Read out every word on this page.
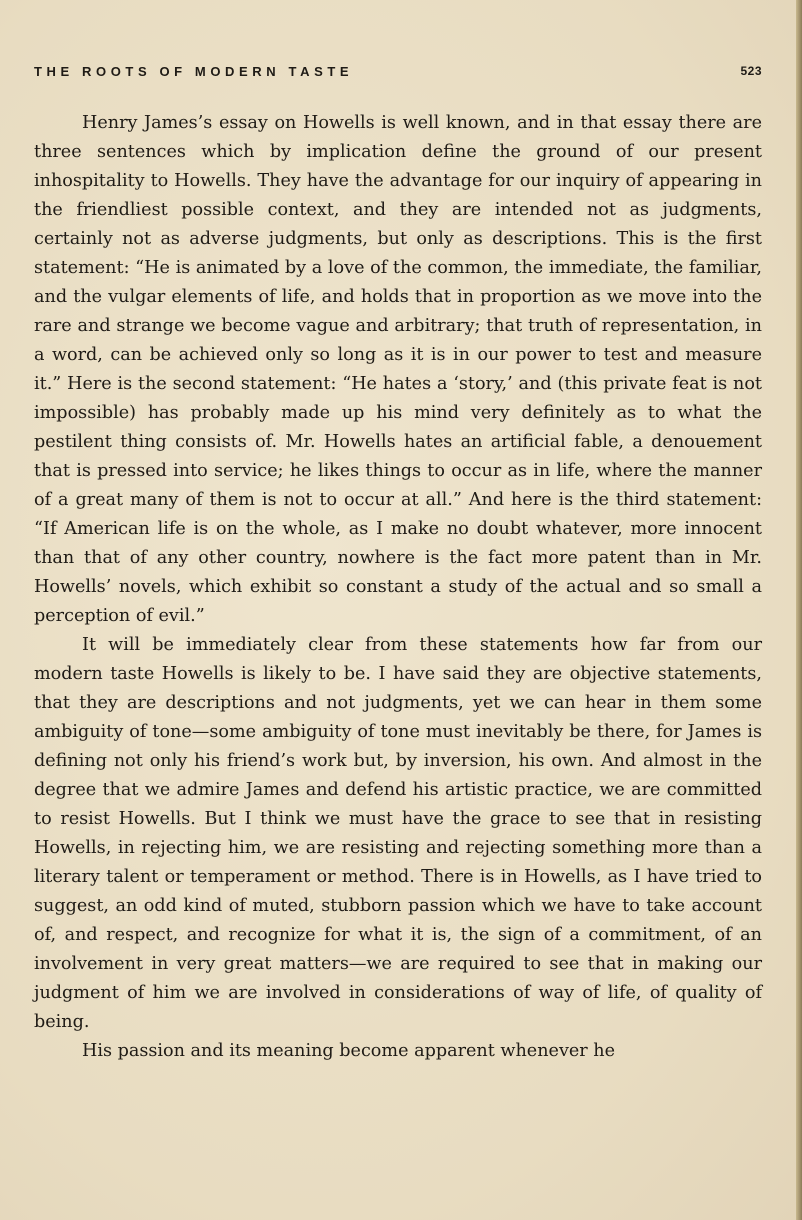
THE ROOTS OF MODERN TASTE	523

Henry James’s essay on Howells is well known, and in that essay there are three sentences which by implication define the ground of our present inhospitality to Howells. They have the advantage for our inquiry of appearing in the friendliest possible context, and they are intended not as judgments, certainly not as adverse judgments, but only as descriptions. This is the first statement: “He is animated by a love of the common, the immediate, the familiar, and the vulgar elements of life, and holds that in proportion as we move into the rare and strange we become vague and arbitrary; that truth of representation, in a word, can be achieved only so long as it is in our power to test and measure it.” Here is the second statement: “He hates a ‘story,’ and (this private feat is not impossible) has probably made up his mind very definitely as to what the pestilent thing consists of. Mr. Howells hates an artificial fable, a denouement that is pressed into service; he likes things to occur as in life, where the manner of a great many of them is not to occur at all.” And here is the third statement: “If American life is on the whole, as I make no doubt whatever, more innocent than that of any other country, nowhere is the fact more patent than in Mr. Howells’ novels, which exhibit so constant a study of the actual and so small a perception of evil.”

It will be immediately clear from these statements how far from our modern taste Howells is likely to be. I have said they are objective statements, that they are descriptions and not judgments, yet we can hear in them some ambiguity of tone—some ambiguity of tone must inevitably be there, for James is defining not only his friend’s work but, by inversion, his own. And almost in the degree that we admire James and defend his artistic practice, we are committed to resist Howells. But I think we must have the grace to see that in resisting Howells, in rejecting him, we are resisting and rejecting something more than a literary talent or temperament or method. There is in Howells, as I have tried to suggest, an odd kind of muted, stubborn passion which we have to take account of, and respect, and recognize for what it is, the sign of a commitment, of an involvement in very great matters—we are required to see that in making our judgment of him we are involved in considerations of way of life, of quality of being.

His passion and its meaning become apparent whenever he
